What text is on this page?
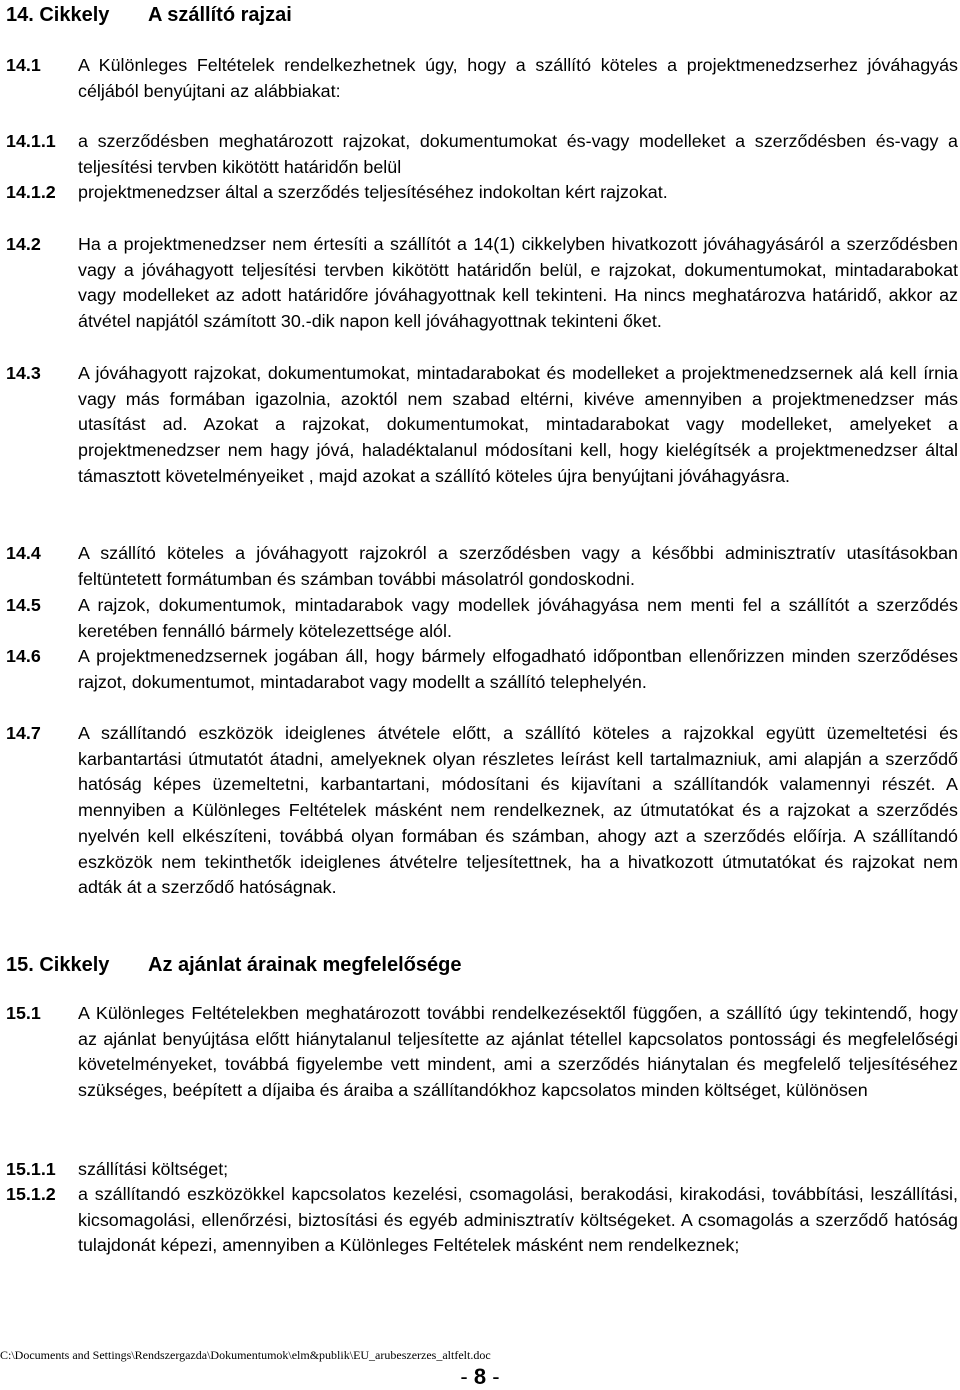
14. Cikkely A szállító rajzai
14.1 A Különleges Feltételek rendelkezhetnek úgy, hogy a szállító köteles a projektmenedzserhez jóváhagyás céljából benyújtani az alábbiakat:
14.1.1 a szerződésben meghatározott rajzokat, dokumentumokat és-vagy modelleket a szerződésben és-vagy a teljesítési tervben kikötött határidőn belül
14.1.2 projektmenedzser által a szerződés teljesítéséhez indokoltan kért rajzokat.
14.2 Ha a projektmenedzser nem értesíti a szállítót a 14(1) cikkelyben hivatkozott jóváhagyásáról a szerződésben vagy a jóváhagyott teljesítési tervben kikötött határidőn belül, e rajzokat, dokumentumokat, mintadarabokat vagy modelleket az adott határidőre jóváhagyottnak kell tekinteni. Ha nincs meghatározva határidő, akkor az átvétel napjától számított 30.-dik napon kell jóváhagyottnak tekinteni őket.
14.3 A jóváhagyott rajzokat, dokumentumokat, mintadarabokat és modelleket a projektmenedzsernek alá kell írnia vagy más formában igazolnia, azoktól nem szabad eltérni, kivéve amennyiben a projektmenedzser más utasítást ad. Azokat a rajzokat, dokumentumokat, mintadarabokat vagy modelleket, amelyeket a projektmenedzser nem hagy jóvá, haladéktalanul módosítani kell, hogy kielégítsék a projektmenedzser által támasztott követelményeiket , majd azokat a szállító köteles újra benyújtani jóváhagyásra.
14.4 A szállító köteles a jóváhagyott rajzokról a szerződésben vagy a későbbi adminisztratív utasításokban feltüntetett formátumban és számban további másolatról gondoskodni.
14.5 A rajzok, dokumentumok, mintadarabok vagy modellek jóváhagyása nem menti fel a szállítót a szerződés keretében fennálló bármely kötelezettsége alól.
14.6 A projektmenedzsernek jogában áll, hogy bármely elfogadható időpontban ellenőrizzen minden szerződéses rajzot, dokumentumot, mintadarabot vagy modellt a szállító telephelyén.
14.7 A szállítandó eszközök ideiglenes átvétele előtt, a szállító köteles a rajzokkal együtt üzemeltetési és karbantartási útmutatót átadni, amelyeknek olyan részletes leírást kell tartalmazniuk, ami alapján a szerződő hatóság képes üzemeltetni, karbantartani, módosítani és kijavítani a szállítandók valamennyi részét. A mennyiben a Különleges Feltételek másként nem rendelkeznek, az útmutatókat és a rajzokat a szerződés nyelvén kell elkészíteni, továbbá olyan formában és számban, ahogy azt a szerződés előírja. A szállítandó eszközök nem tekinthetők ideiglenes átvételre teljesítettnek, ha a hivatkozott útmutatókat és rajzokat nem adták át a szerződő hatóságnak.
15. Cikkely Az ajánlat árainak megfelelősége
15.1 A Különleges Feltételekben meghatározott további rendelkezésektől függően, a szállító úgy tekintendő, hogy az ajánlat benyújtása előtt hiánytalanul teljesítette az ajánlat tétellel kapcsolatos pontossági és megfelelőségi követelményeket, továbbá figyelembe vett mindent, ami a szerződés hiánytalan és megfelelő teljesítéséhez szükséges, beépített a díjaiba és áraiba a szállítandókhoz kapcsolatos minden költséget, különösen
15.1.1 szállítási költséget;
15.1.2 a szállítandó eszközökkel kapcsolatos kezelési, csomagolási, berakodási, kirakodási, továbbítási, leszállítási, kicsomagolási, ellenőrzési, biztosítási és egyéb adminisztratív költségeket. A csomagolás a szerződő hatóság tulajdonát képezi, amennyiben a Különleges Feltételek másként nem rendelkeznek;
C:\Documents and Settings\Rendszergazda\Dokumentumok\elm&publik\EU_arubeszerzes_altfelt.doc
- 8 -
